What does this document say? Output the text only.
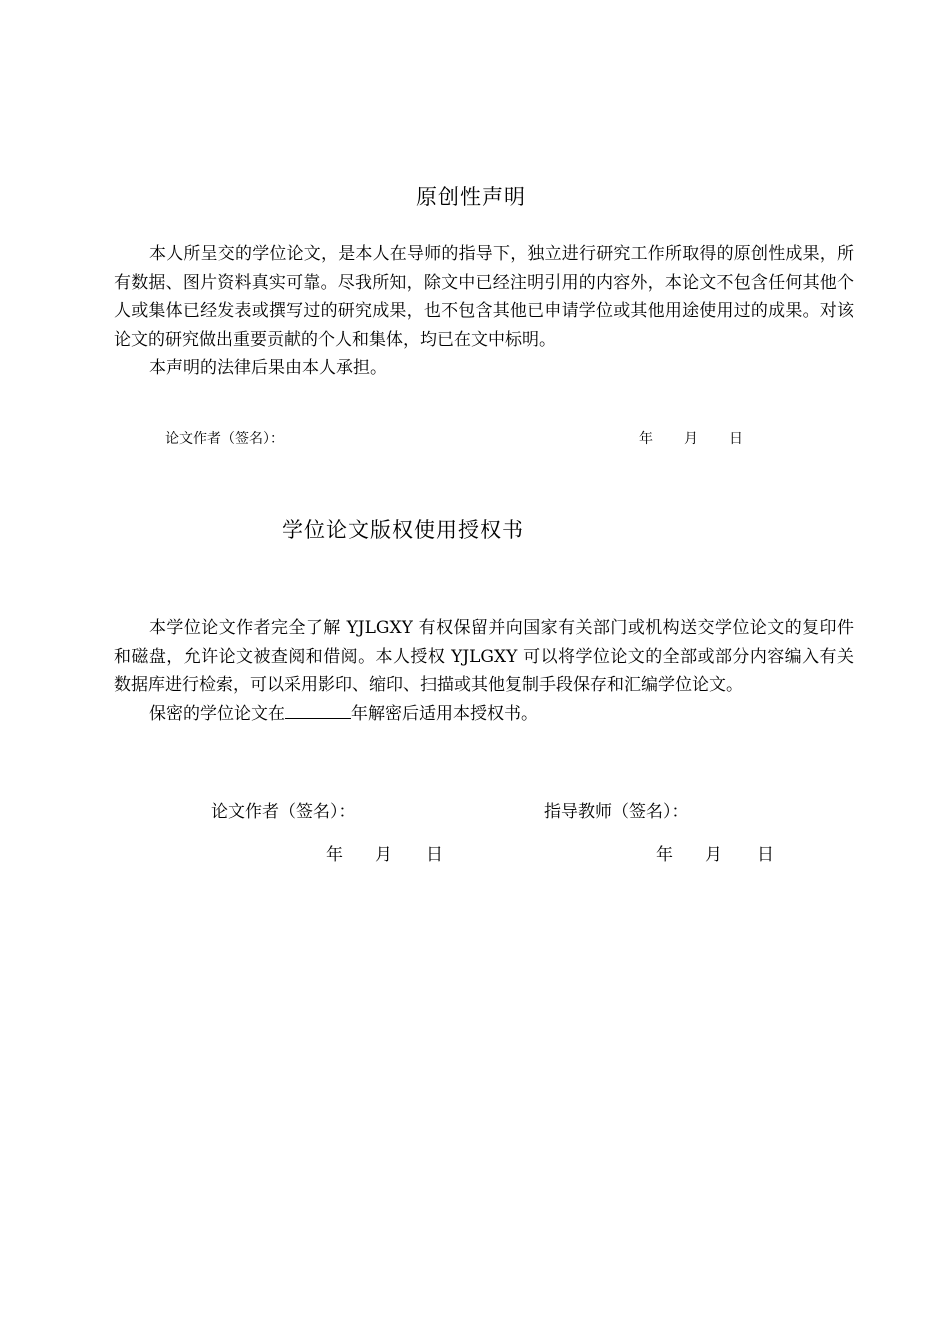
原创性声明

本人所呈交的学位论文，是本人在导师的指导下，独立进行研究工作所取得的原创性成果，所有数据、图片资料真实可靠。尽我所知，除文中已经注明引用的内容外，本论文不包含任何其他个人或集体已经发表或撰写过的研究成果，也不包含其他已申请学位或其他用途使用过的成果。对该论文的研究做出重要贡献的个人和集体，均已在文中标明。

本声明的法律后果由本人承担。

论文作者（签名）：	年 月 日
学位论文版权使用授权书

本学位论文作者完全了解 YJLGXY 有权保留并向国家有关部门或机构送交学位论文的复印件和磁盘，允许论文被查阅和借阅。本人授权 YJLGXY 可以将学位论文的全部或部分内容编入有关数据库进行检索，可以采用影印、缩印、扫描或其他复制手段保存和汇编学位论文。

保密的学位论文在	年解密后适用本授权书。

论文作者（签名）：	指导教师（签名）：
年 月 日	年 月 日
